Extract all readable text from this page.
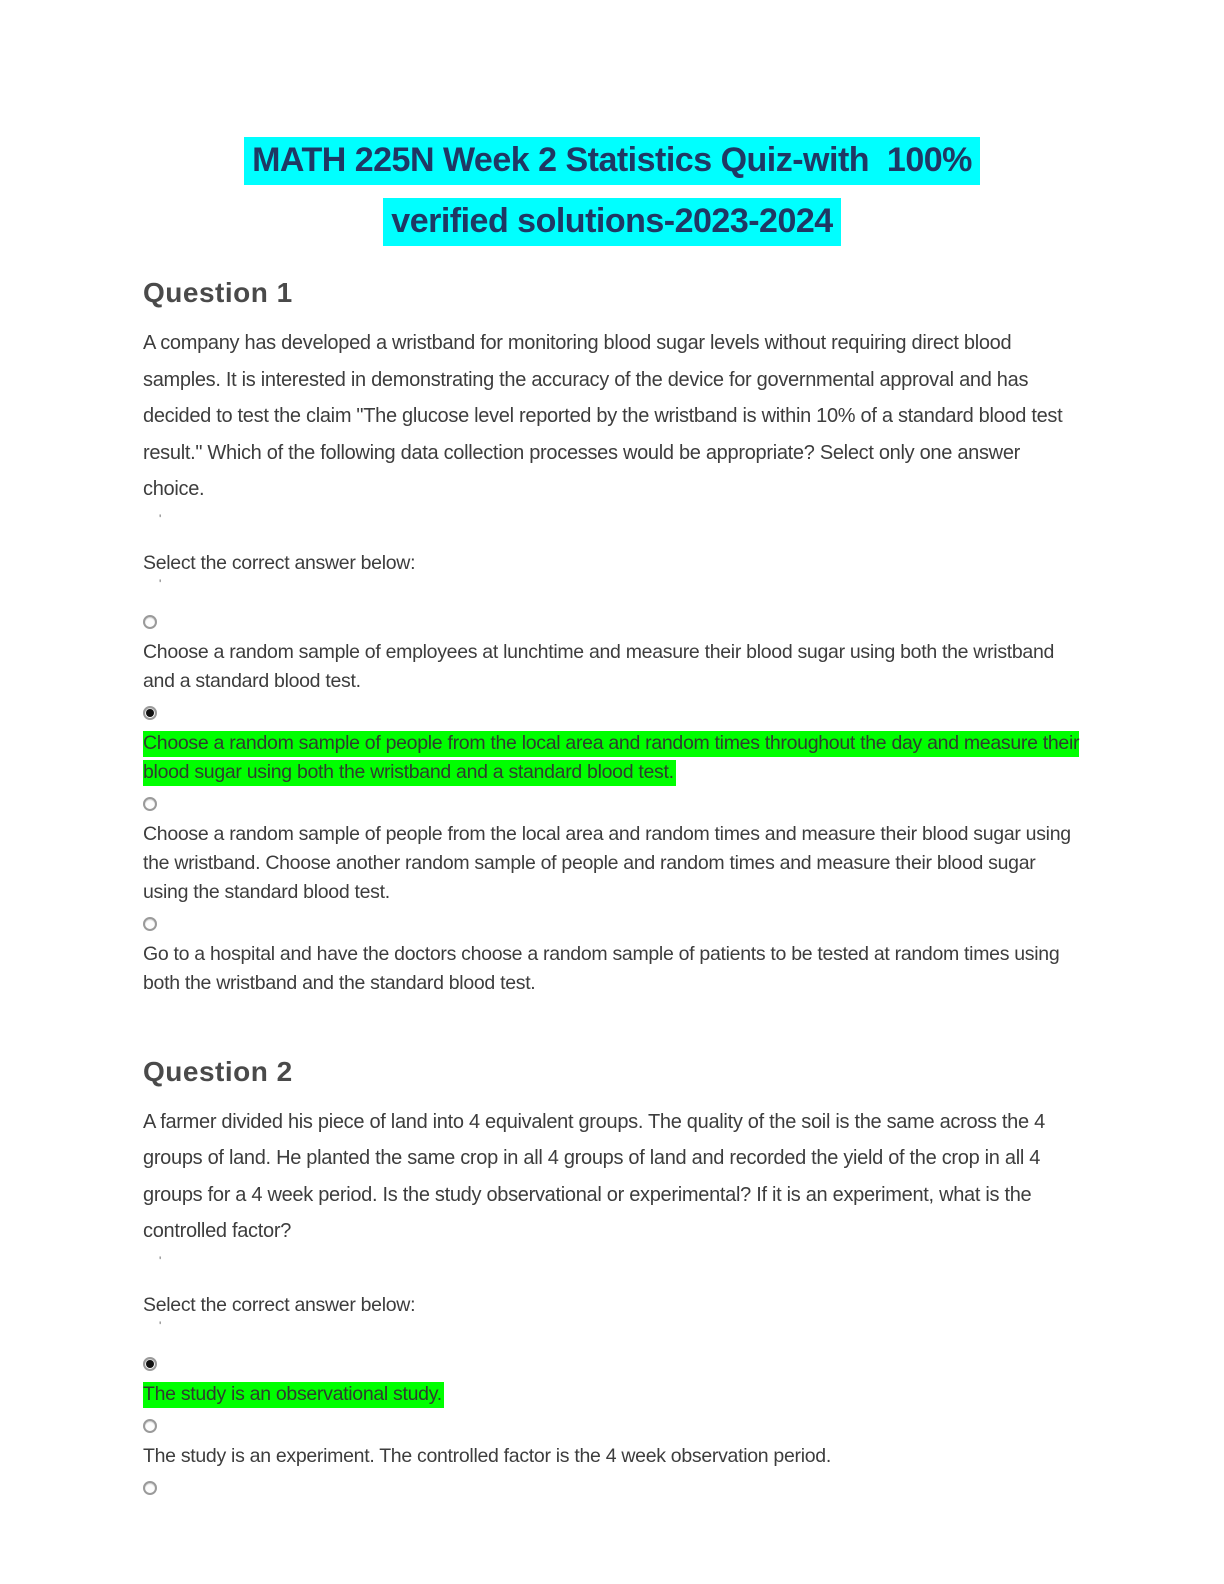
MATH 225N Week 2 Statistics Quiz-with  100%
verified solutions-2023-2024
Question 1

A company has developed a wristband for monitoring blood sugar levels without requiring direct blood samples. It is interested in demonstrating the accuracy of the device for governmental approval and has decided to test the claim "The glucose level reported by the wristband is within 10% of a standard blood test result." Which of the following data collection processes would be appropriate? Select only one answer choice.

'
Select the correct answer below:
'
Choose a random sample of employees at lunchtime and measure their blood sugar using both the wristband and a standard blood test.
Choose a random sample of people from the local area and random times throughout the day and measure their blood sugar using both the wristband and a standard blood test.
Choose a random sample of people from the local area and random times and measure their blood sugar using the wristband. Choose another random sample of people and random times and measure their blood sugar using the standard blood test.
Go to a hospital and have the doctors choose a random sample of patients to be tested at random times using both the wristband and the standard blood test.
Question 2

A farmer divided his piece of land into 4 equivalent groups. The quality of the soil is the same across the 4 groups of land. He planted the same crop in all 4 groups of land and recorded the yield of the crop in all 4 groups for a 4 week period. Is the study observational or experimental? If it is an experiment, what is the controlled factor?

'
Select the correct answer below:
'
The study is an observational study.
The study is an experiment. The controlled factor is the 4 week observation period.
